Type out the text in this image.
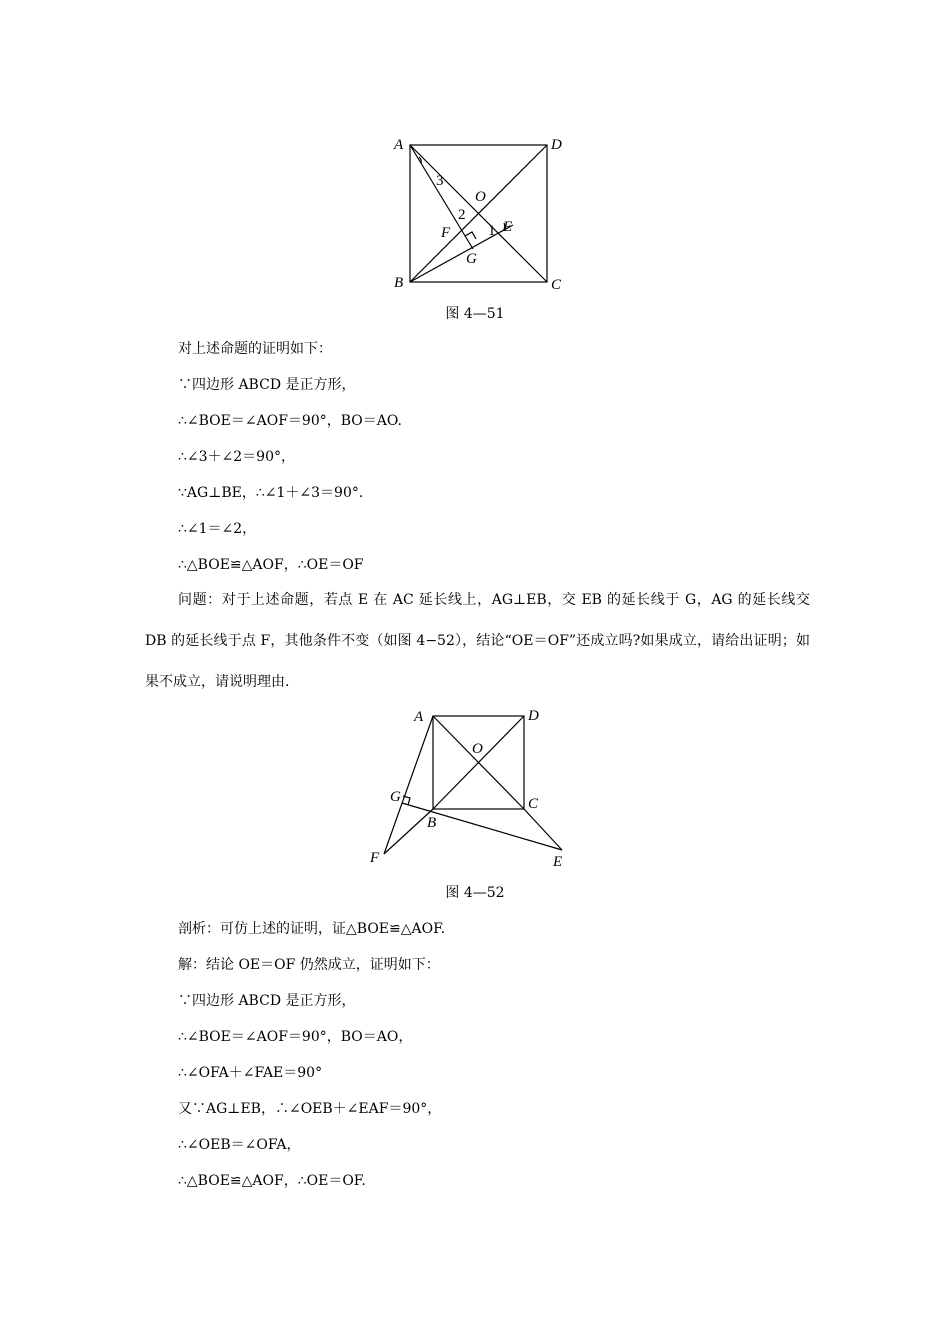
A	D
B	C
O
E
F
G
1
2
3
图 4—51
对上述命题的证明如下：
∵四边形 ABCD 是正方形，
∴∠BOE＝∠AOF＝90°，BO＝AO.
∴∠3＋∠2＝90°，
∵AG⊥BE，∴∠1＋∠3＝90°.
∴∠1＝∠2，
∴△BOE≌△AOF，∴OE＝OF
问题：对于上述命题，若点 E 在 AC 延长线上，AG⊥EB，交 EB 的延长线于 G，AG 的延长线交 DB 的延长线于点 F，其他条件不变（如图 4−52），结论“OE＝OF”还成立吗?如果成立，请给出证明；如果不成立，请说明理由.
A	D
O
C
B
G
F	E
图 4—52
剖析：可仿上述的证明，证△BOE≌△AOF.
解：结论 OE＝OF 仍然成立，证明如下：
∵四边形 ABCD 是正方形，
∴∠BOE＝∠AOF＝90°，BO＝AO，
∴∠OFA＋∠FAE＝90°
又∵AG⊥EB，∴∠OEB＋∠EAF＝90°，
∴∠OEB＝∠OFA，
∴△BOE≌△AOF，∴OE＝OF.
